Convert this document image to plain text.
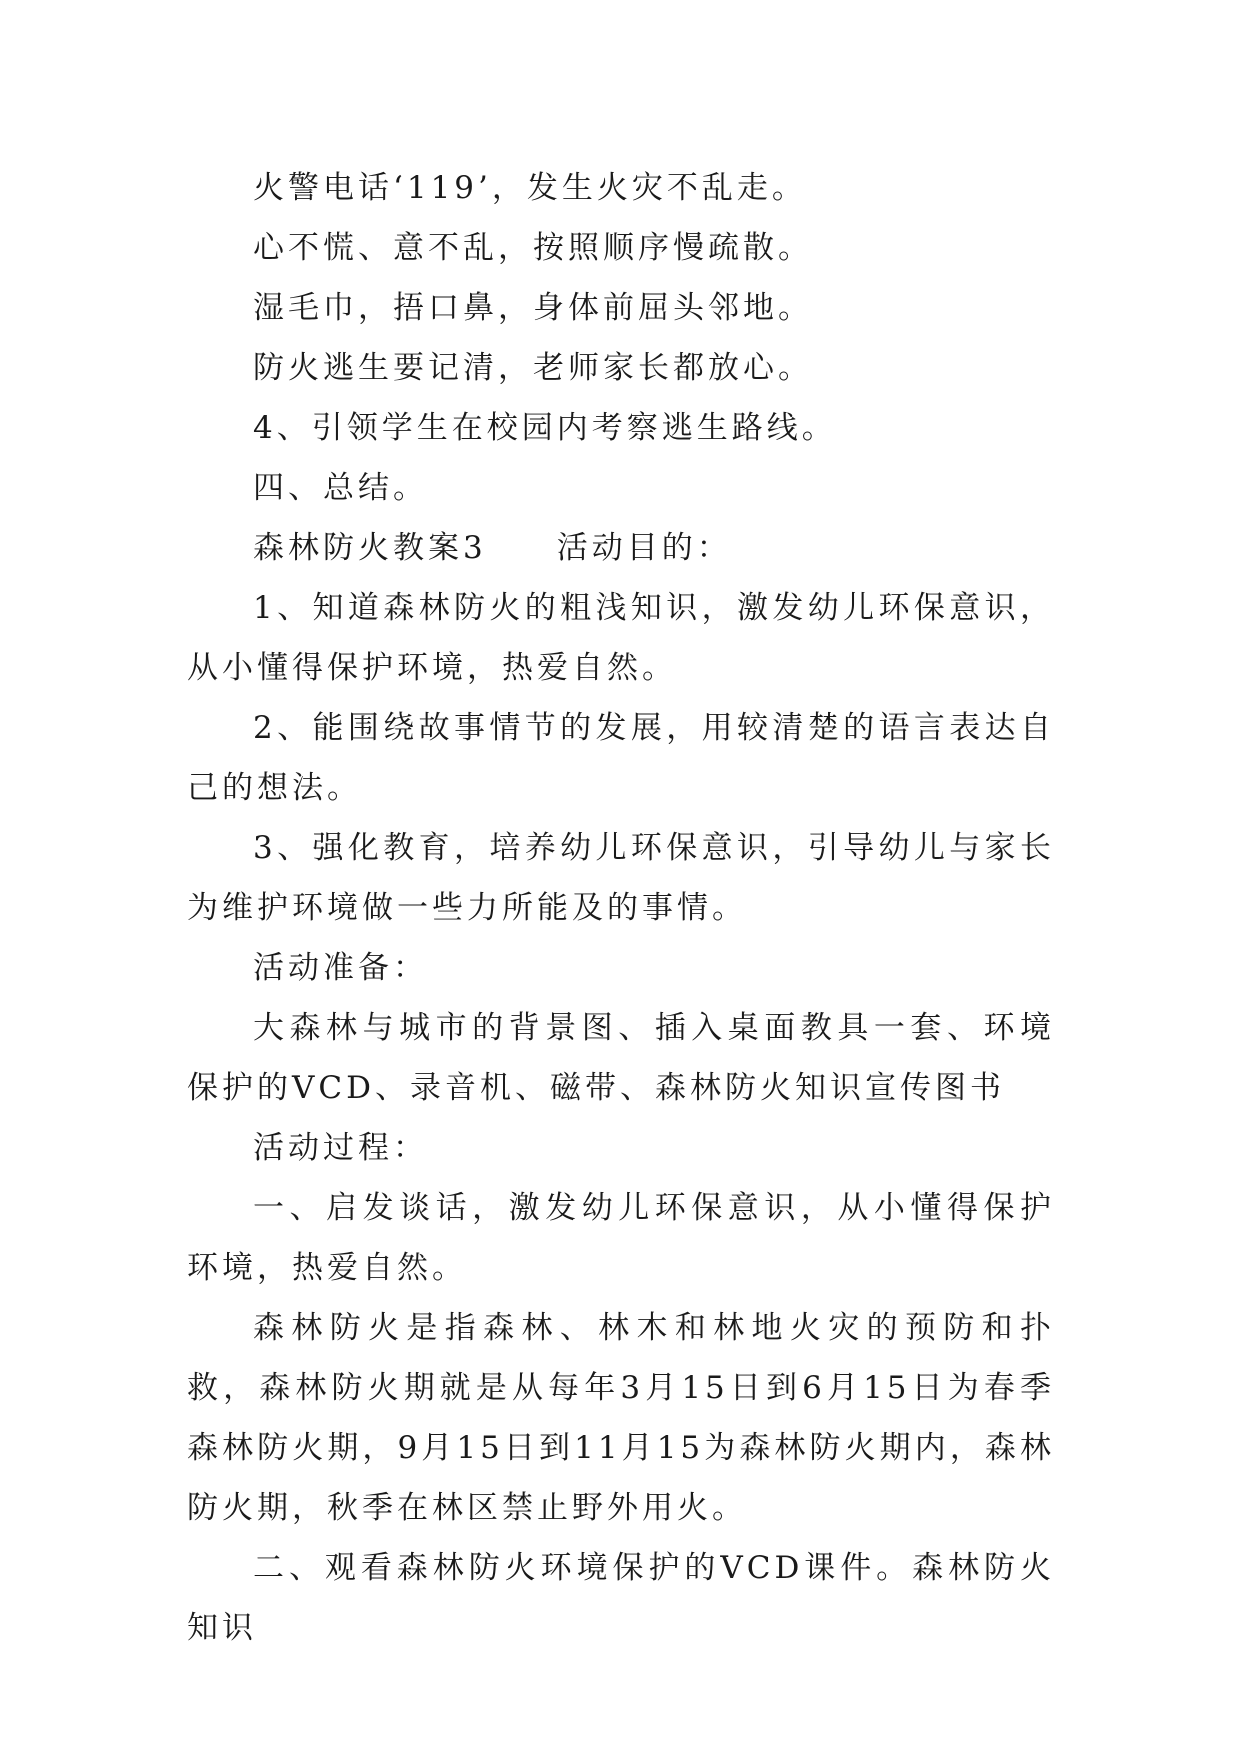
火警电话‘119’，发生火灾不乱走。

心不慌、意不乱，按照顺序慢疏散。

湿毛巾，捂口鼻，身体前屈头邻地。

防火逃生要记清，老师家长都放心。

4、引领学生在校园内考察逃生路线。

四、总结。

森林防火教案3　　活动目的：

1、知道森林防火的粗浅知识，激发幼儿环保意识，从小懂得保护环境，热爱自然。

2、能围绕故事情节的发展，用较清楚的语言表达自己的想法。

3、强化教育，培养幼儿环保意识，引导幼儿与家长为维护环境做一些力所能及的事情。

活动准备：

大森林与城市的背景图、插入桌面教具一套、环境保护的VCD、录音机、磁带、森林防火知识宣传图书

活动过程：

一、启发谈话，激发幼儿环保意识，从小懂得保护环境，热爱自然。

森林防火是指森林、林木和林地火灾的预防和扑救，森林防火期就是从每年3月15日到6月15日为春季森林防火期，9月15日到11月15为森林防火期内，森林防火期，秋季在林区禁止野外用火。

二、观看森林防火环境保护的VCD课件。森林防火知识
